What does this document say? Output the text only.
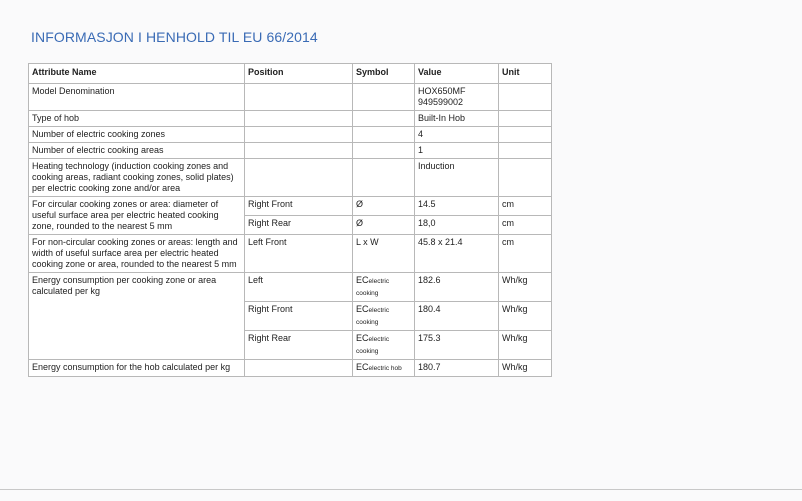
INFORMASJON I HENHOLD TIL EU 66/2014
Attribute Name	Position	Symbol	Value	Unit
Model Denomination			HOX650MF
949599002	

Type of hob			Built-In Hob	
Number of electric cooking zones			4	
Number of electric cooking areas			1	
Heating technology (induction cooking zones and cooking areas, radiant cooking zones, solid plates) per electric cooking zone and/or area			Induction	
For circular cooking zones or area: diameter of useful surface area per electric heated cooking zone, rounded to the nearest 5 mm	Right Front	Ø	14.5	cm
	Right Rear	Ø	18,0	cm
For non-circular cooking zones or areas: length and width of useful surface area per electric heated cooking zone or area, rounded to the nearest 5 mm	Left Front	L x W	45.8 x 21.4	cm
Energy consumption per cooking zone or area calculated per kg	Left	ECelectric cooking	182.6	Wh/kg
	Right Front	ECelectric cooking	180.4	Wh/kg
	Right Rear	ECelectric cooking	175.3	Wh/kg
Energy consumption for the hob calculated per kg		ECelectric hob	180.7	Wh/kg
